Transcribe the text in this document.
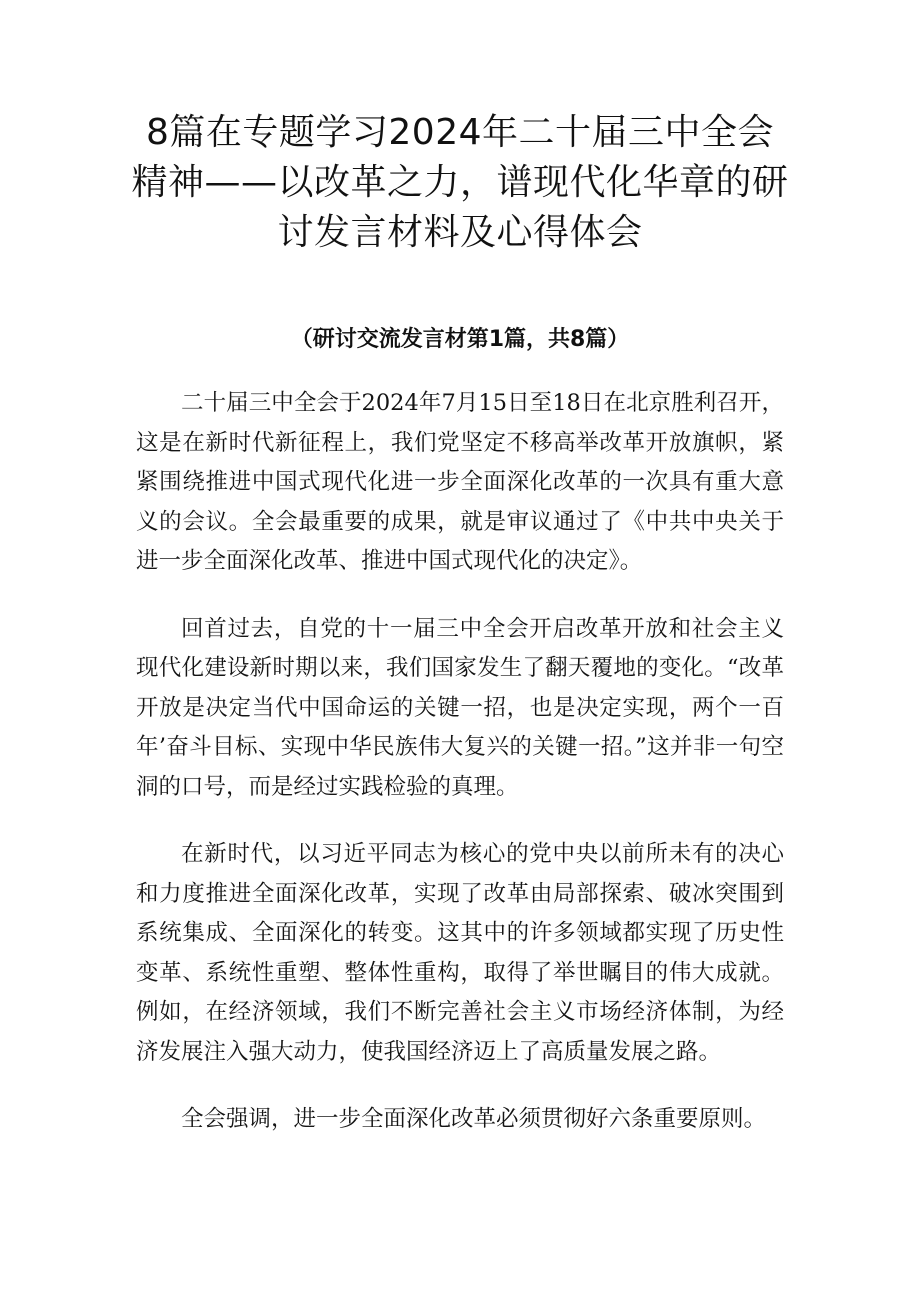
8篇在专题学习2024年二十届三中全会精神——以改革之力，谱现代化华章的研讨发言材料及心得体会
（研讨交流发言材第1篇，共8篇）

二十届三中全会于2024年7月15日至18日在北京胜利召开，这是在新时代新征程上，我们党坚定不移高举改革开放旗帜，紧紧围绕推进中国式现代化进一步全面深化改革的一次具有重大意义的会议。全会最重要的成果，就是审议通过了《中共中央关于进一步全面深化改革、推进中国式现代化的决定》。

回首过去，自党的十一届三中全会开启改革开放和社会主义现代化建设新时期以来，我们国家发生了翻天覆地的变化。“改革开放是决定当代中国命运的关键一招，也是决定实现，两个一百年’奋斗目标、实现中华民族伟大复兴的关键一招。”这并非一句空洞的口号，而是经过实践检验的真理。

在新时代，以习近平同志为核心的党中央以前所未有的决心和力度推进全面深化改革，实现了改革由局部探索、破冰突围到系统集成、全面深化的转变。这其中的许多领域都实现了历史性变革、系统性重塑、整体性重构，取得了举世瞩目的伟大成就。例如，在经济领域，我们不断完善社会主义市场经济体制，为经济发展注入强大动力，使我国经济迈上了高质量发展之路。

全会强调，进一步全面深化改革必须贯彻好六条重要原则。
